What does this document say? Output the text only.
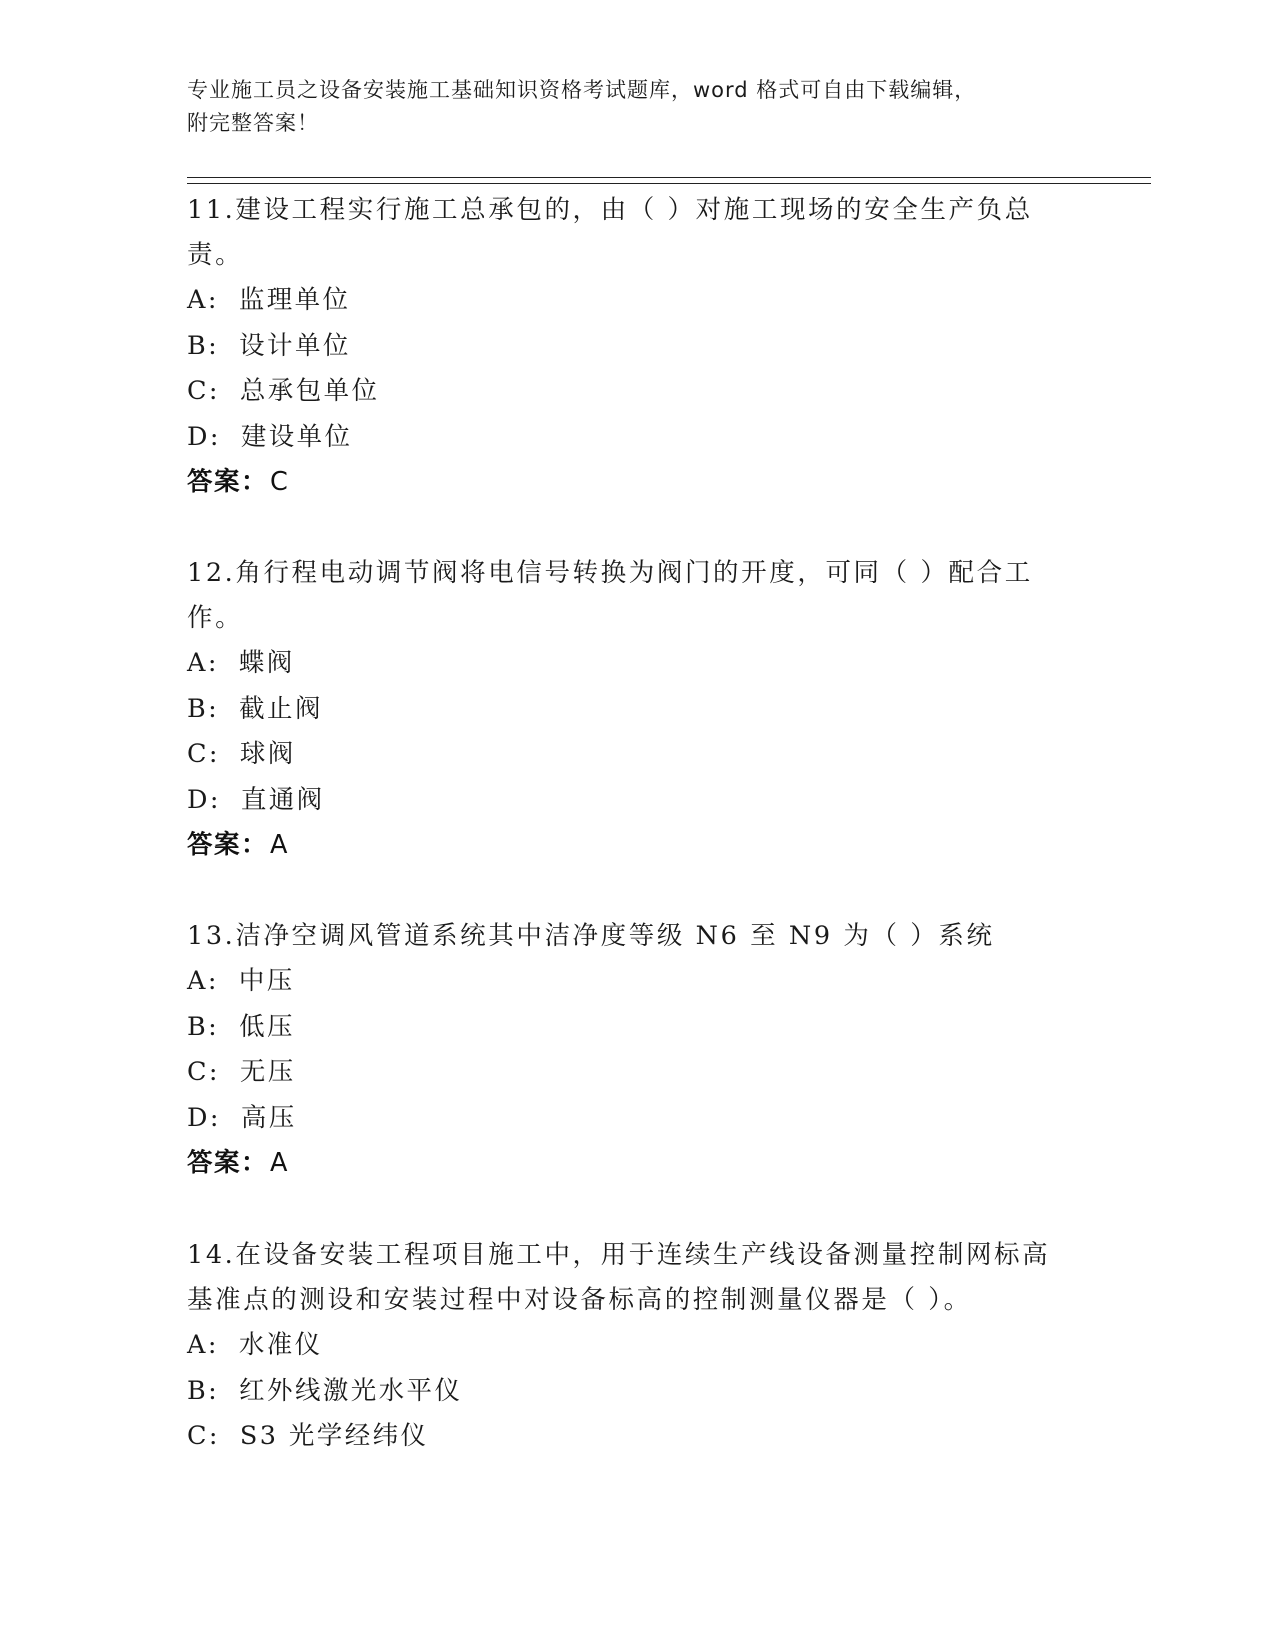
专业施工员之设备安装施工基础知识资格考试题库，word 格式可自由下载编辑，
附完整答案！

11.建设工程实行施工总承包的，由（ ）对施工现场的安全生产负总

责。

A: 监理单位
B: 设计单位
C: 总承包单位
D: 建设单位
答案：C

12.角行程电动调节阀将电信号转换为阀门的开度，可同（ ）配合工

作。

A: 蝶阀
B: 截止阀
C: 球阀
D: 直通阀
答案：A

13.洁净空调风管道系统其中洁净度等级 N6 至 N9 为（ ）系统

A: 中压
B: 低压
C: 无压
D: 高压
答案：A

14.在设备安装工程项目施工中，用于连续生产线设备测量控制网标高

基准点的测设和安装过程中对设备标高的控制测量仪器是（ ）。

A: 水准仪
B: 红外线激光水平仪
C: S3 光学经纬仪
